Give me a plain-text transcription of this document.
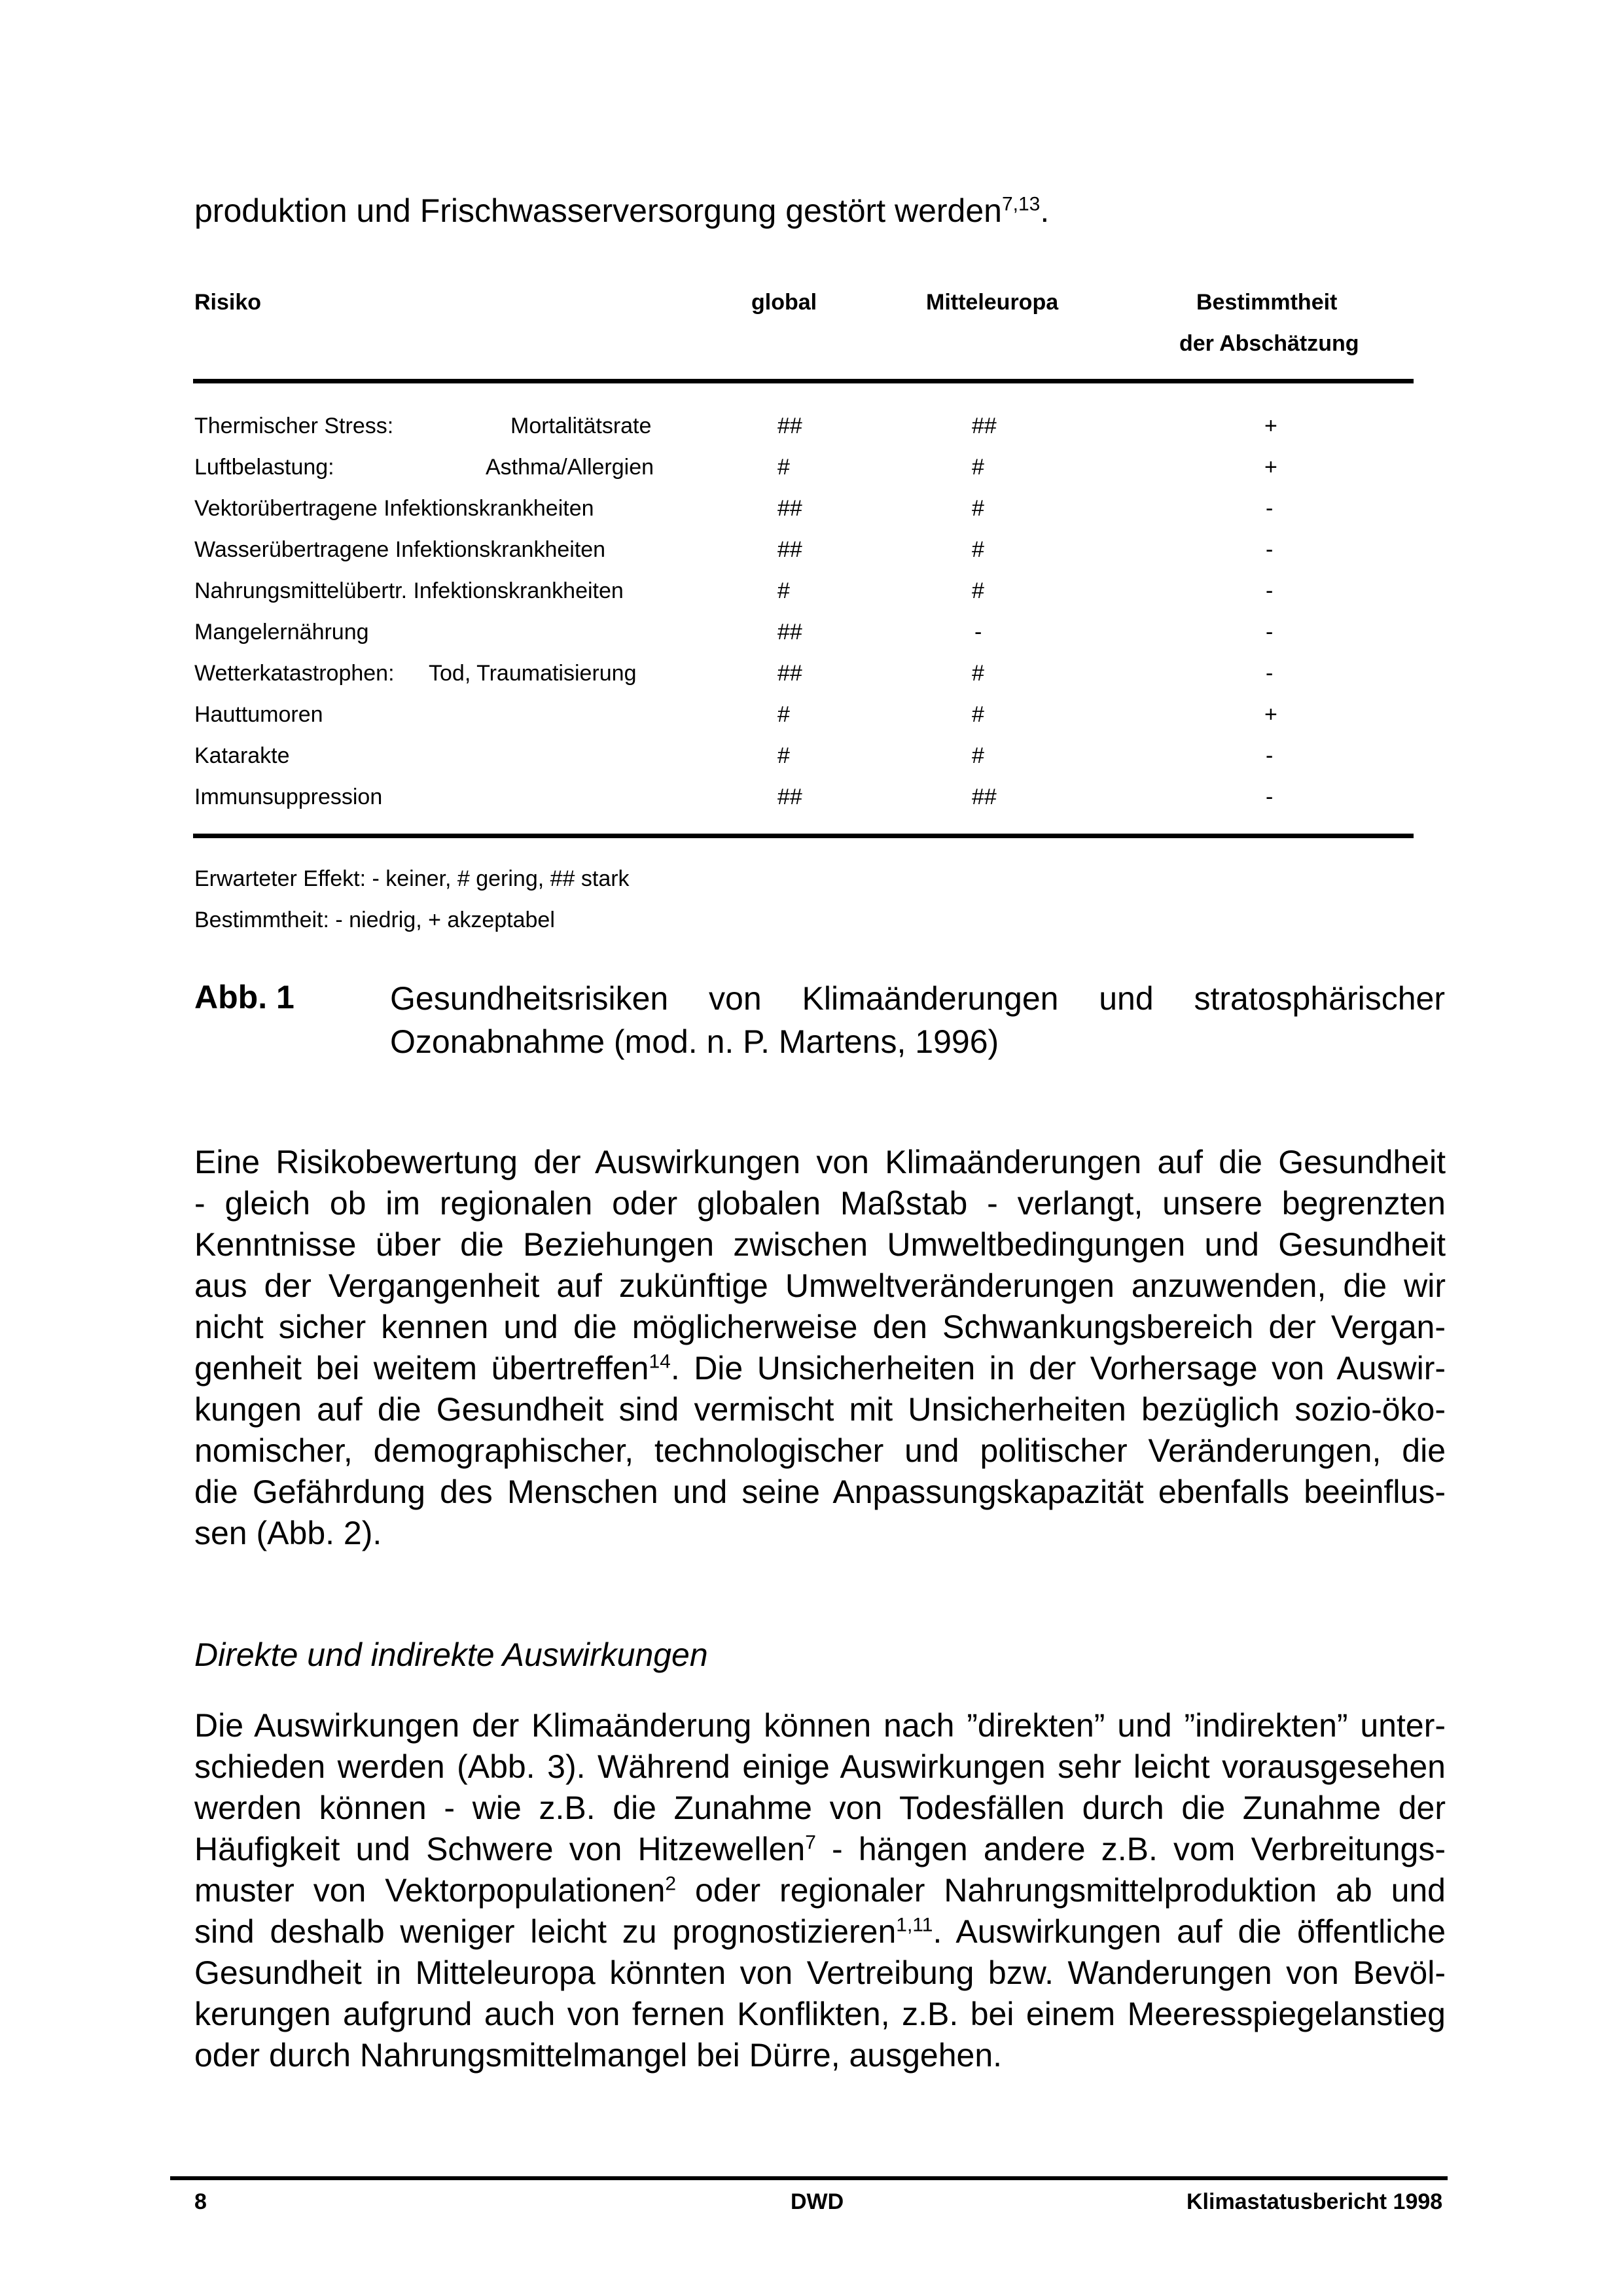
produktion und Frischwasserversorgung gestört werden$^{7,13}$.
Risiko	global	Mitteleuropa	Bestimmtheit
der Abschätzung
Thermischer Stress:	Mortalitätsrate	##	##	+
Luftbelastung:	Asthma/Allergien	#	#	+
Vektorübertragene Infektionskrankheiten	##	#	-
Wasserübertragene Infektionskrankheiten	##	#	-
Nahrungsmittelübertr. Infektionskrankheiten	#	#	-
Mangelernährung	##	-	-
Wetterkatastrophen: Tod, Traumatisierung	##	#	-
Hauttumoren	#	#	+
Katarakte	#	#	-
Immunsuppression	##	##	-
Erwarteter Effekt: - keiner, # gering, ## stark
Bestimmtheit: - niedrig, + akzeptabel
Abb. 1	Gesundheitsrisiken von Klimaänderungen und stratosphärischer Ozonabnahme (mod. n. P. Martens, 1996)
Eine Risikobewertung der Auswirkungen von Klimaänderungen auf die Gesundheit
- gleich ob im regionalen oder globalen Maßstab - verlangt, unsere begrenzten
Kenntnisse über die Beziehungen zwischen Umweltbedingungen und Gesundheit
aus der Vergangenheit auf zukünftige Umweltveränderungen anzuwenden, die wir
nicht sicher kennen und die möglicherweise den Schwankungsbereich der Vergan-
genheit bei weitem übertreffen$^{14}$. Die Unsicherheiten in der Vorhersage von Auswir-
kungen auf die Gesundheit sind vermischt mit Unsicherheiten bezüglich sozio-öko-
nomischer, demographischer, technologischer und politischer Veränderungen, die
die Gefährdung des Menschen und seine Anpassungskapazität ebenfalls beeinflus-
sen (Abb. 2).
Direkte und indirekte Auswirkungen
Die Auswirkungen der Klimaänderung können nach ”direkten” und ”indirekten” unter-
schieden werden (Abb. 3). Während einige Auswirkungen sehr leicht vorausgesehen
werden können - wie z.B. die Zunahme von Todesfällen durch die Zunahme der
Häufigkeit und Schwere von Hitzewellen$^7$ - hängen andere z.B. vom Verbreitungs-
muster von Vektorpopulationen$^2$ oder regionaler Nahrungsmittelproduktion ab und
sind deshalb weniger leicht zu prognostizieren$^{1,11}$. Auswirkungen auf die öffentliche
Gesundheit in Mitteleuropa könnten von Vertreibung bzw. Wanderungen von Bevöl-
kerungen aufgrund auch von fernen Konflikten, z.B. bei einem Meeresspiegelanstieg
oder durch Nahrungsmittelmangel bei Dürre, ausgehen.
8	DWD	Klimastatusbericht 1998
